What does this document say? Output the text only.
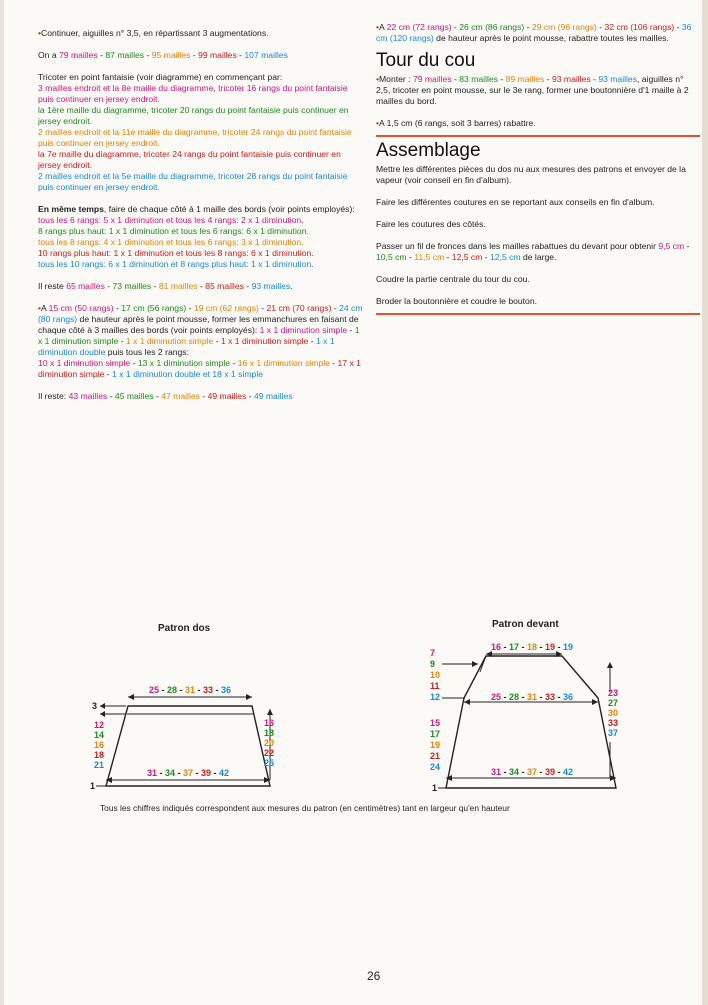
•Continuer, aiguilles n° 3,5, en répartissant 3 augmentations.

On a 79 mailles - 87 mailles - 95 mailles - 99 mailles - 107 mailles

Tricoter en point fantaisie (voir diagramme) en commençant par:
3 mailles endroit et la 8e maille du diagramme, tricoter 16 rangs du point fantaisie puis continuer en jersey endroit.
la 1ère maille du diagramme, tricoter 20 rangs du point fantaisie puis continuer en jersey endroit.
2 mailles endroit et la 11e maille du diagramme, tricoter 24 rangs du point fantaisie puis continuer en jersey endroit.
la 7e maille du diagramme, tricoter 24 rangs du point fantaisie puis continuer en jersey endroit.
2 mailles endroit et la 5e maille du diagramme, tricoter 28 rangs du point fantaisie puis continuer en jersey endroit.

En même temps, faire de chaque côté à 1 maille des bords (voir points employés):
tous les 6 rangs: 5 x 1 diminution et tous les 4 rangs: 2 x 1 diminution.
8 rangs plus haut: 1 x 1 diminution et tous les 6 rangs: 6 x 1 diminution.
tous les 8 rangs: 4 x 1 diminution et tous les 6 rangs: 3 x 1 diminution.
10 rangs plus haut: 1 x 1 diminution et tous les 8 rangs: 6 x 1 diminution.
tous les 10 rangs: 6 x 1 diminution et 8 rangs plus haut: 1 x 1 diminution.

Il reste 65 mailles - 73 mailles - 81 mailles - 85 mailles - 93 mailles.

•A 15 cm (50 rangs) - 17 cm (56 rangs) - 19 cm (62 rangs) - 21 cm (70 rangs) - 24 cm (80 rangs) de hauteur après le point mousse, former les emmanchures en faisant de chaque côté à 3 mailles des bords (voir points employés): 1 x 1 diminution simple - 1 x 1 diminution simple - 1 x 1 diminution simple - 1 x 1 diminution simple - 1 x 1 diminution double puis tous les 2 rangs:
10 x 1 diminution simple - 13 x 1 diminution simple - 16 x 1 diminution simple - 17 x 1 diminution simple - 1 x 1 diminution double et 18 x 1 simple

Il reste: 43 mailles - 45 mailles - 47 mailles - 49 mailles - 49 mailles

•A 22 cm (72 rangs) - 26 cm (86 rangs) - 29 cm (96 rangs) - 32 cm (106 rangs) - 36 cm (120 rangs) de hauteur après le point mousse, rabattre toutes les mailles.

Tour du cou

•Monter : 79 mailles - 83 mailles - 89 mailles - 93 mailles - 93 mailles, aiguilles n° 2,5, tricoter en point mousse, sur le 3e rang, former une boutonnière d'1 maille à 2 mailles du bord.

•A 1,5 cm (6 rangs, soit 3 barres) rabattre.

Assemblage

Mettre les différentes pièces du dos nu aux mesures des patrons et envoyer de la vapeur (voir conseil en fin d'album).

Faire les différentes coutures en se reportant aux conseils en fin d'album.

Faire les coutures des côtés.

Passer un fil de fronces dans les mailles rabattues du devant pour obtenir 9,5 cm - 10,5 cm - 11,5 cm - 12,5 cm - 12,5 cm de large.

Coudre la partie centrale du tour du cou.

Broder la boutonnière et coudre le bouton.

Patron dos	Patron devant
25 - 28 - 31 - 33 - 36
31 - 34 - 37 - 39 - 42
3
12 14 16 18 21
1
16 18 20 22 25
16 - 17 - 18 - 19 - 19
25 - 28 - 31 - 33 - 36
31 - 34 - 37 - 39 - 42
7 9 10 11 12
15 17 19 21 24
1
23 27 30 33 37
Tous les chiffres indiqués correspondent aux mesures du patron (en centimètres) tant en largeur qu'en hauteur
26
